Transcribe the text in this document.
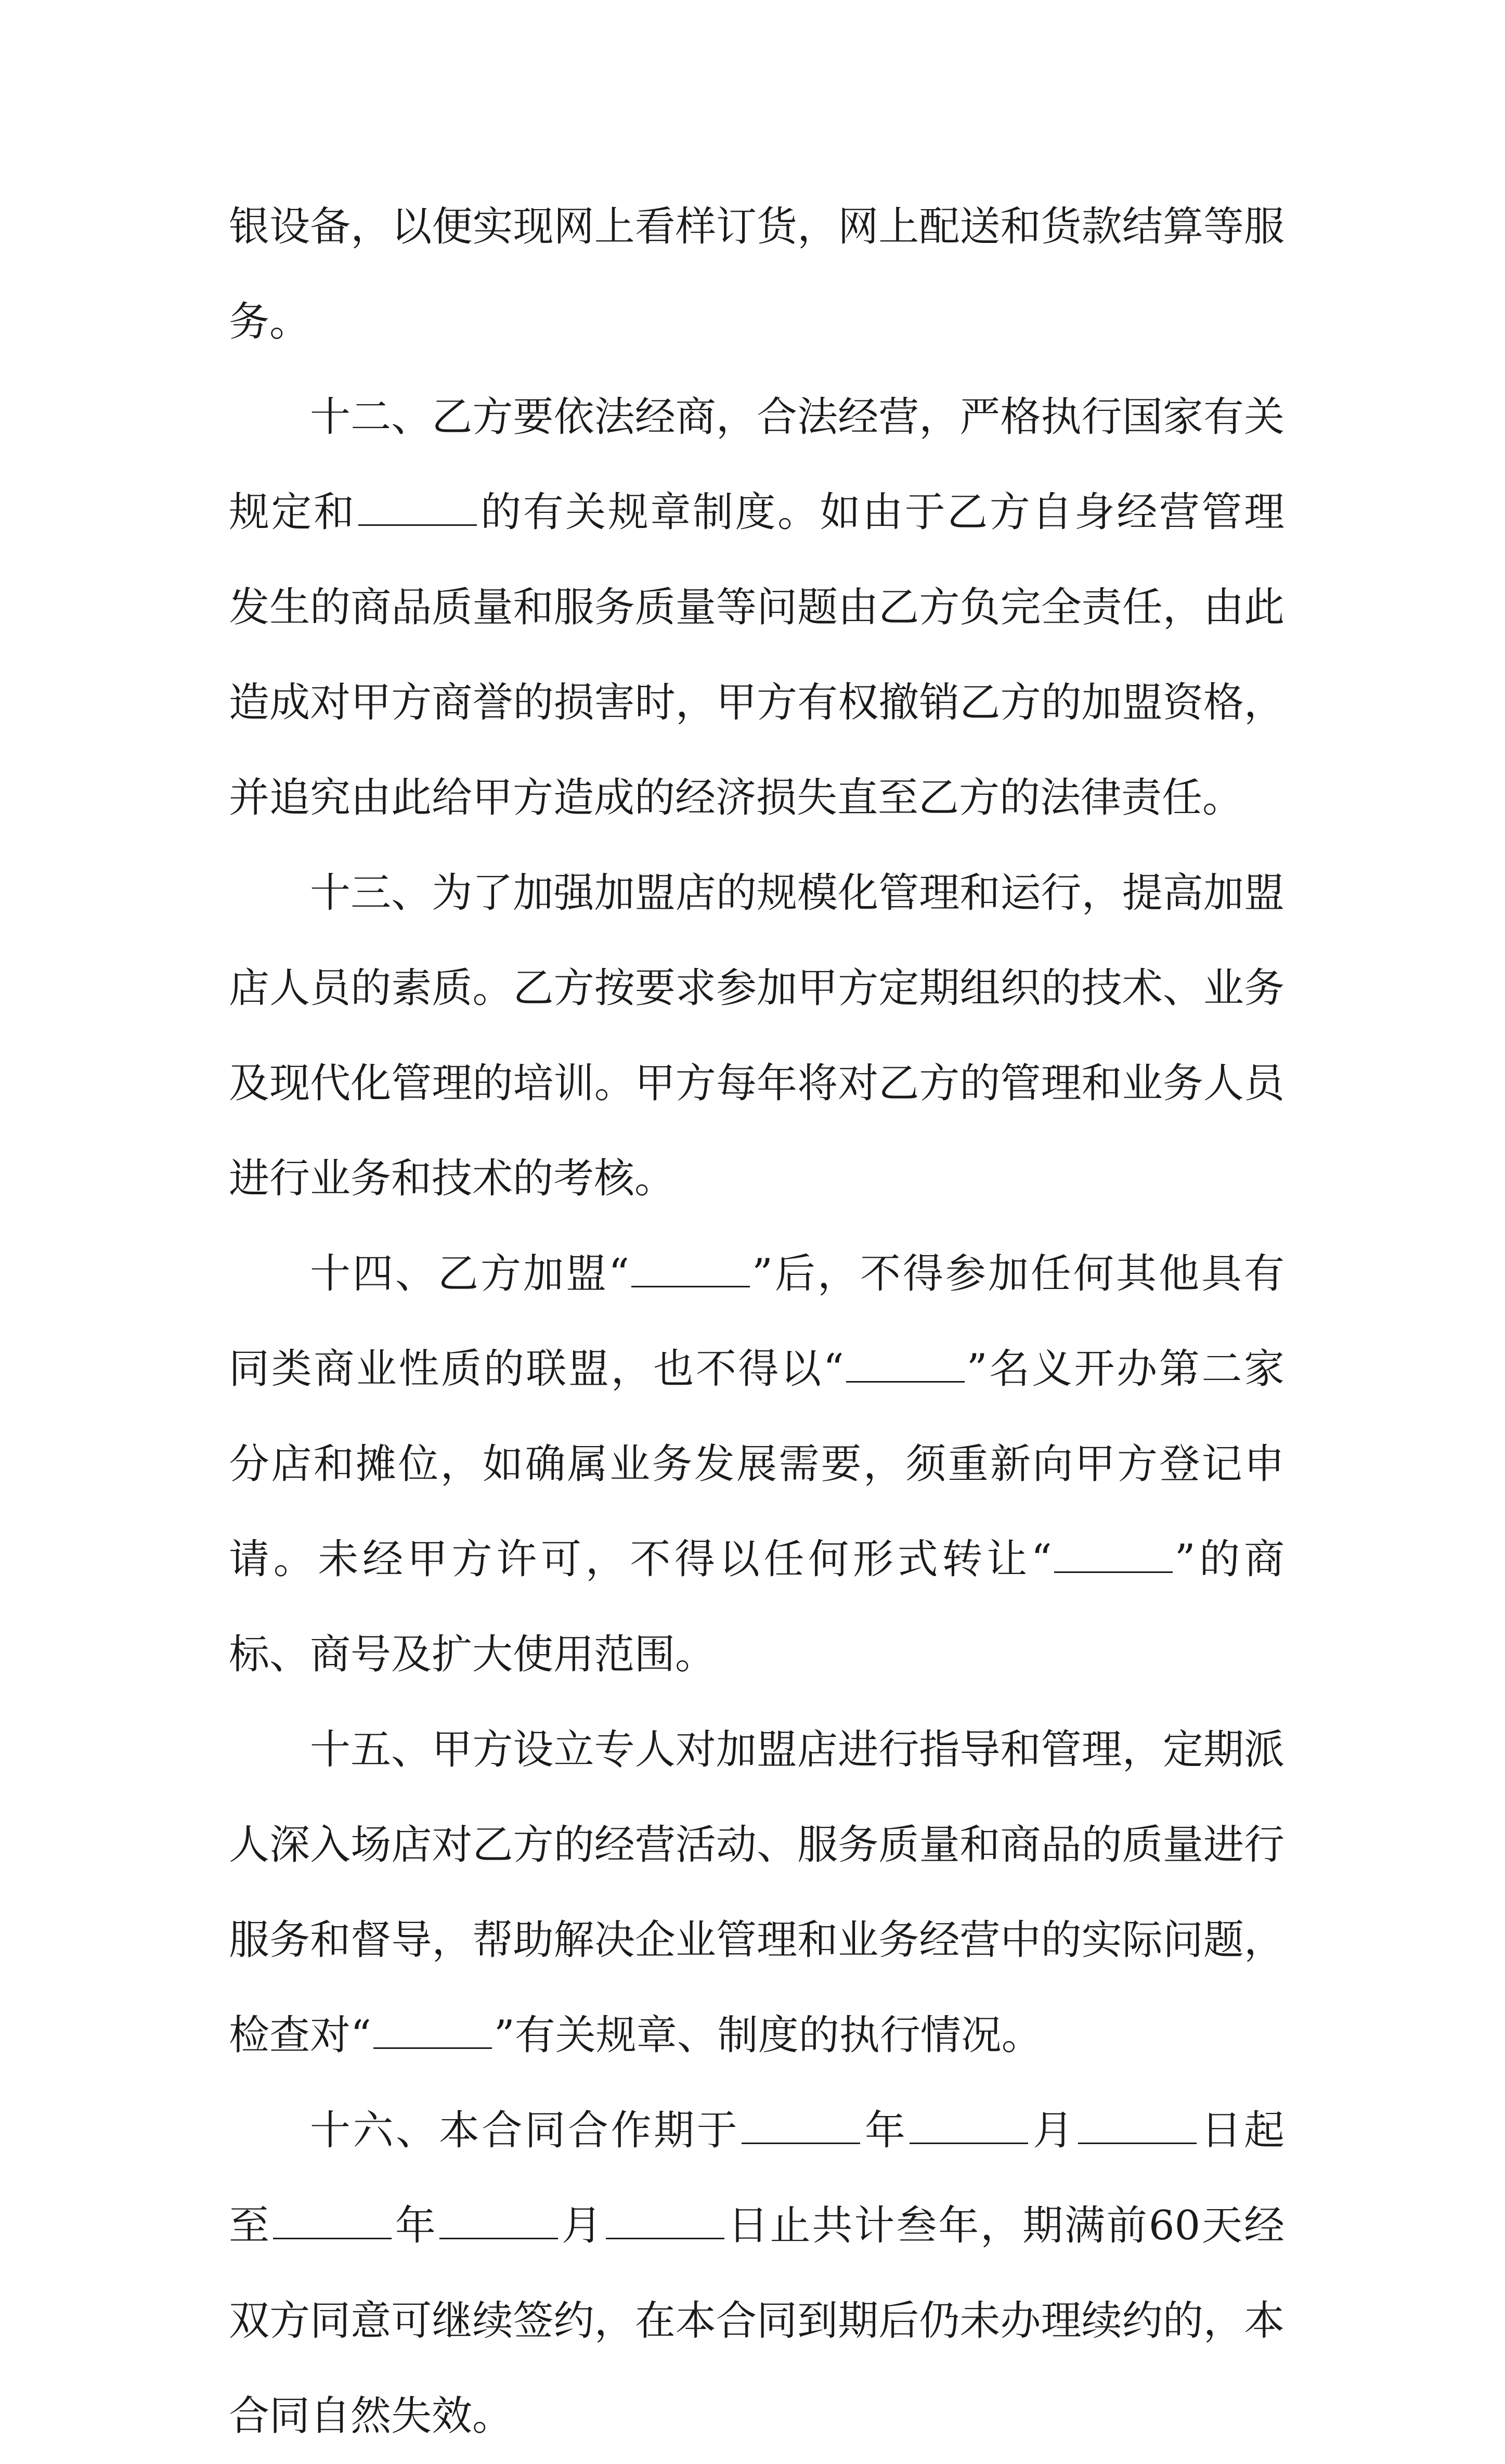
银设备，以便实现网上看样订货，网上配送和货款结算等服务。

十二、乙方要依法经商，合法经营，严格执行国家有关规定和	的有关规章制度。如由于乙方自身经营管理发生的商品质量和服务质量等问题由乙方负完全责任，由此造成对甲方商誉的损害时，甲方有权撤销乙方的加盟资格，并追究由此给甲方造成的经济损失直至乙方的法律责任。

十三、为了加强加盟店的规模化管理和运行，提高加盟店人员的素质。乙方按要求参加甲方定期组织的技术、业务及现代化管理的培训。甲方每年将对乙方的管理和业务人员进行业务和技术的考核。

十四、乙方加盟“	”后，不得参加任何其他具有同类商业性质的联盟，也不得以“	”名义开办第二家分店和摊位，如确属业务发展需要，须重新向甲方登记申请。未经甲方许可，不得以任何形式转让“	”的商标、商号及扩大使用范围。

十五、甲方设立专人对加盟店进行指导和管理，定期派人深入场店对乙方的经营活动、服务质量和商品的质量进行服务和督导，帮助解决企业管理和业务经营中的实际问题，检查对“	”有关规章、制度的执行情况。

十六、本合同合作期于	年	月	日起至	年	月	日止共计叁年，期满前60天经双方同意可继续签约，在本合同到期后仍未办理续约的，本合同自然失效。
